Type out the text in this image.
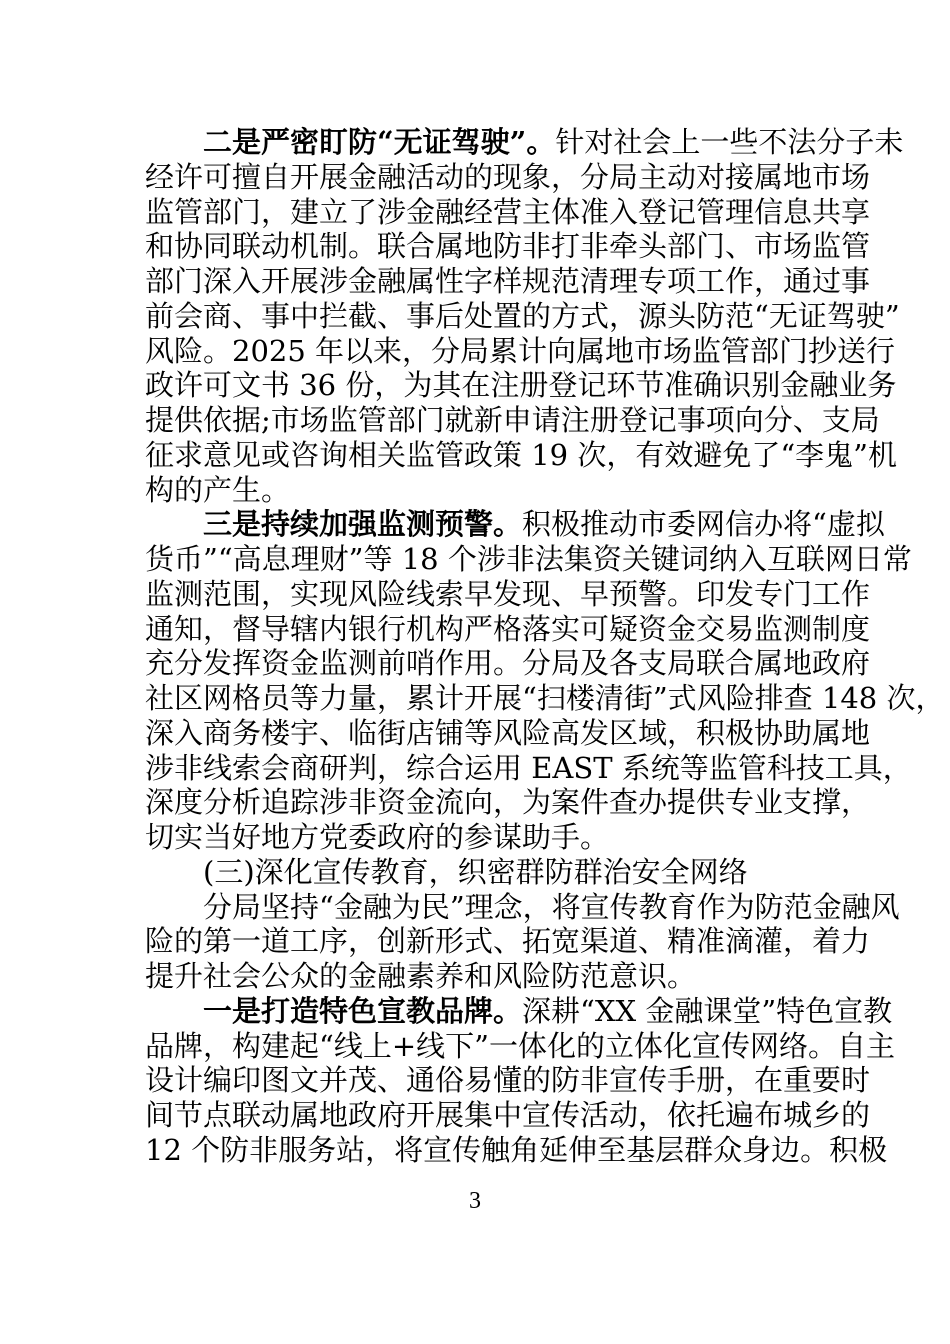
二是严密盯防“无证驾驶”。针对社会上一些不法分子未
经许可擅自开展金融活动的现象，分局主动对接属地市场
监管部门，建立了涉金融经营主体准入登记管理信息共享
和协同联动机制。联合属地防非打非牵头部门、市场监管
部门深入开展涉金融属性字样规范清理专项工作，通过事
前会商、事中拦截、事后处置的方式，源头防范“无证驾驶”
风险。2025 年以来，分局累计向属地市场监管部门抄送行
政许可文书 36 份，为其在注册登记环节准确识别金融业务
提供依据;市场监管部门就新申请注册登记事项向分、支局
征求意见或咨询相关监管政策 19 次，有效避免了“李鬼”机
构的产生。
三是持续加强监测预警。积极推动市委网信办将“虚拟
货币”“高息理财”等 18 个涉非法集资关键词纳入互联网日常
监测范围，实现风险线索早发现、早预警。印发专门工作
通知，督导辖内银行机构严格落实可疑资金交易监测制度
充分发挥资金监测前哨作用。分局及各支局联合属地政府
社区网格员等力量，累计开展“扫楼清街”式风险排查 148 次，
深入商务楼宇、临街店铺等风险高发区域，积极协助属地
涉非线索会商研判，综合运用 EAST 系统等监管科技工具，
深度分析追踪涉非资金流向，为案件查办提供专业支撑，
切实当好地方党委政府的参谋助手。
(三)深化宣传教育，织密群防群治安全网络
分局坚持“金融为民”理念，将宣传教育作为防范金融风
险的第一道工序，创新形式、拓宽渠道、精准滴灌，着力
提升社会公众的金融素养和风险防范意识。
一是打造特色宣教品牌。深耕“XX 金融课堂”特色宣教
品牌，构建起“线上+线下”一体化的立体化宣传网络。自主
设计编印图文并茂、通俗易懂的防非宣传手册，在重要时
间节点联动属地政府开展集中宣传活动，依托遍布城乡的
12 个防非服务站，将宣传触角延伸至基层群众身边。积极
3
